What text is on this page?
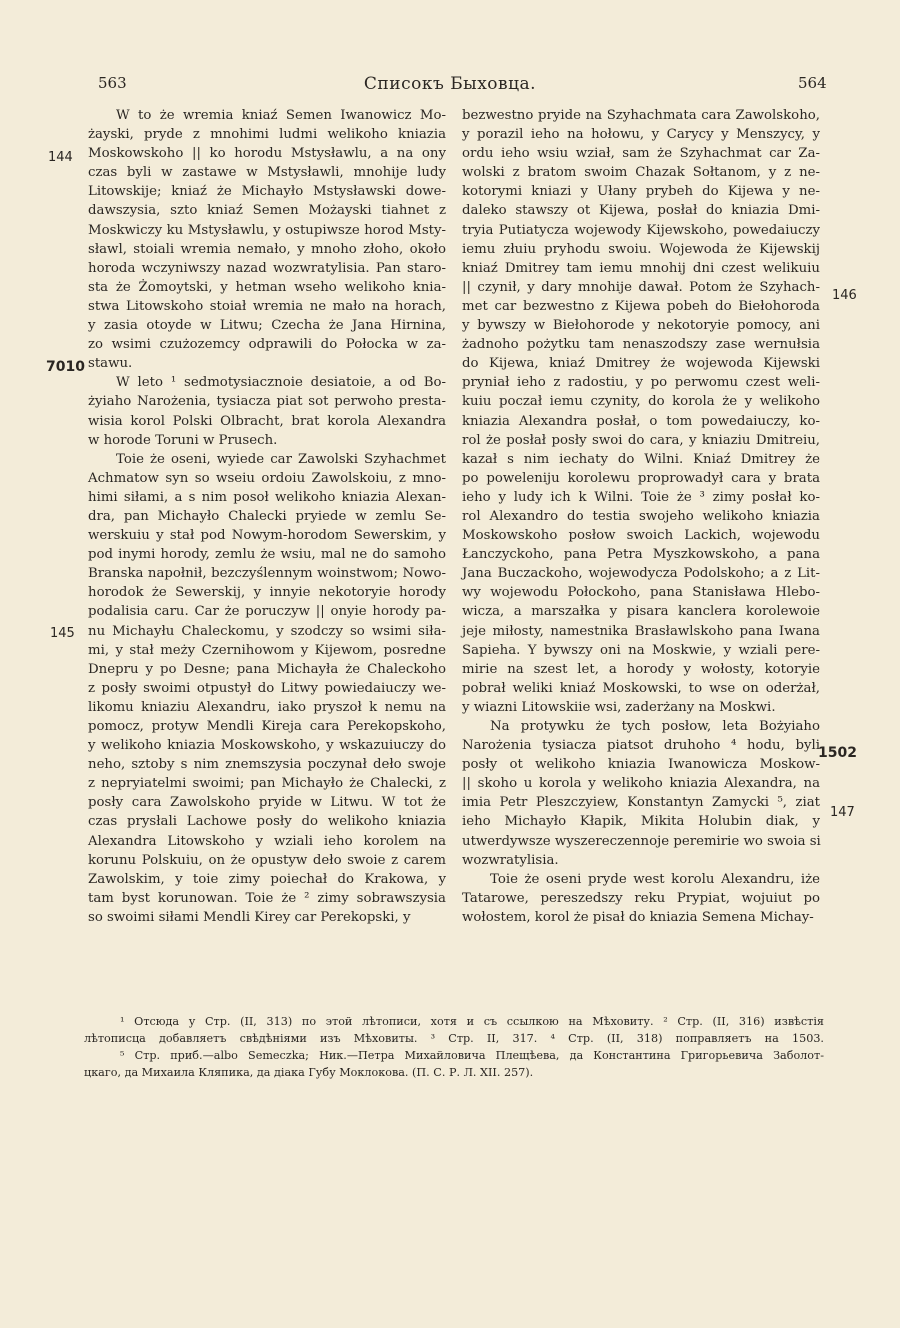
563	Списокъ Быховца.	564
W to że wremia kniaź Semen Iwanowicz Mo-
żayski, pryde z mnohimi ludmi welikoho kniazia
Moskowskoho || ko horodu Mstysławlu, a na ony
czas byli w zastawe w Mstysławli, mnohije ludy
Litowskije; kniaź że Michayło Mstysławski dowe-
dawszysia, szto kniaź Semen Możayski tiahnet z
Moskwiczy ku Mstysławlu, y ostupiwsze horod Msty-
sławl, stoiali wremia nemało, y mnoho złoho, około
horoda wczyniwszy nazad wozwratylisia. Pan staro-
sta że Żomoytski, y hetman wseho welikoho knia-
stwa Litowskoho stoiał wremia ne mało na horach,
y zasia otoyde w Litwu; Czecha że Jana Hirnina,
zo wsimi czużozemcy odprawili do Połocka w za-
stawu.
W leto ¹ sedmotysiacznoie desiatoie, a od Bo-
żyiaho Narożenia, tysiacza piat sot perwoho presta-
wisia korol Polski Olbracht, brat korola Alexandra
w horode Toruni w Prusech.
Toie że oseni, wyiede car Zawolski Szyhachmet
Achmatow syn so wseiu ordoiu Zawolskoiu, z mno-
himi siłami, a s nim posoł welikoho kniazia Alexan-
dra, pan Michayło Chalecki pryiede w zemlu Se-
werskuiu y stał pod Nowym-horodom Sewerskim, y
pod inymi horody, zemlu że wsiu, mal ne do samoho
Branska napołnił, bezczyślennym woinstwom; Nowo-
horodok że Sewerskij, y innyie nekotoryie horody
podalisia caru. Car że poruczyw || onyie horody pa-
nu Michayłu Chaleckomu, y szodczy so wsimi siła-
mi, y stał meży Czernihowom y Kijewom, posredne
Dnepru y po Desne; pana Michayła że Chaleckoho
z posły swoimi otpustył do Litwy powiedaiuczy we-
likomu kniaziu Alexandru, iako pryszoł k nemu na
pomocz, protyw Mendli Kireja cara Perekopskoho,
y welikoho kniazia Moskowskoho, y wskazuiuczy do
neho, sztoby s nim znemszysia poczynał deło swoje
z nepryiatelmi swoimi; pan Michayło że Chalecki, z
posły cara Zawolskoho pryide w Litwu. W tot że
czas prysłali Lachowe posły do welikoho kniazia
Alexandra Litowskoho y wziali ieho korolem na
korunu Polskuiu, on że opustyw deło swoie z carem
Zawolskim, y toie zimy poiechał do Krakowa, y
tam byst korunowan. Toie że ² zimy sobrawszysia
so swoimi siłami Mendli Kirey car Perekopski, y
bezwestno pryide na Szyhachmata cara Zawolskoho,
y porazil ieho na hołowu, y Carycy y Menszycy, y
ordu ieho wsiu wział, sam że Szyhachmat car Za-
wolski z bratom swoim Chazak Sołtanom, y z ne-
kotorymi kniazi y Ułany prybeh do Kijewa y ne-
daleko stawszy ot Kijewa, posłał do kniazia Dmi-
tryia Putiatycza wojewody Kijewskoho, powedaiuczy
iemu złuiu pryhodu swoiu. Wojewoda że Kijewskij
kniaź Dmitrey tam iemu mnohij dni czest welikuiu
|| czynił, y dary mnohije dawał. Potom że Szyhach-
met car bezwestno z Kijewa pobeh do Biełohoroda
y bywszy w Biełohorode y nekotoryie pomocy, ani
żadnoho pożytku tam nenaszodszy zase wernułsia
do Kijewa, kniaź Dmitrey że wojewoda Kijewski
pryniał ieho z radostiu, y po perwomu czest weli-
kuiu poczał iemu czynity, do korola że y welikoho
kniazia Alexandra posłał, o tom powedaiuczy, ko-
rol że posłał posły swoi do cara, y kniaziu Dmitreiu,
kazał s nim iechaty do Wilni. Kniaź Dmitrey że
po poweleniju korolewu proprowadył cara y brata
ieho y ludy ich k Wilni. Toie że ³ zimy posłał ko-
rol Alexandro do testia swojeho welikoho kniazia
Moskowskoho posłow swoich Lackich, wojewodu
Łanczyckoho, pana Petra Myszkowskoho, a pana
Jana Buczackoho, wojewodycza Podolskoho; a z Lit-
wy wojewodu Połockoho, pana Stanisława Hlebo-
wicza, a marszałka y pisara kanclera korolewoie
jeje miłosty, namestnika Brasławlskoho pana Iwana
Sapieha. Y bywszy oni na Moskwie, y wziali pere-
mirie na szest let, a horody y wołosty, kotoryie
pobrał weliki kniaź Moskowski, to wse on oderżał,
y wiazni Litowskiie wsi, zaderżany na Moskwi.
Na protywku że tych posłow, leta Bożyiaho
Narożenia tysiacza piatsot druhoho ⁴ hodu, byli
posły ot welikoho kniazia Iwanowicza Moskow-
|| skoho u korola y welikoho kniazia Alexandra, na
imia Petr Pleszczyiew, Konstantyn Zamycki ⁵, ziat
ieho Michayło Kłapik, Mikita Holubin diak, y
utwerdywsze wyszereczennoje peremirie wo swoia si
wozwratylisia.
Toie że oseni pryde west korolu Alexandru, iże
Tatarowe, pereszedszy reku Prypiat, wojuiut po
wołostem, korol że pisał do kniazia Semena Michay-
144
7010
145
146
1502
147
¹ Отсюда у Стр. (II, 313) по этой лѣтописи, хотя и съ ссылкою на Мѣховиту. ² Стр. (II, 316) извѣстія
лѣтописца добавляетъ свѣдѣніями изъ Мѣховиты. ³ Стр. II, 317. ⁴ Стр. (II, 318) поправляетъ на 1503.
⁵ Стр. приб.—albo Semeczka; Ник.—Петра Михайловича Плещѣева, да Константина Григорьевича Заболот-
цкаго, да Михаила Кляпика, да діака Губу Моклокова. (П. С. Р. Л. XII. 257).
